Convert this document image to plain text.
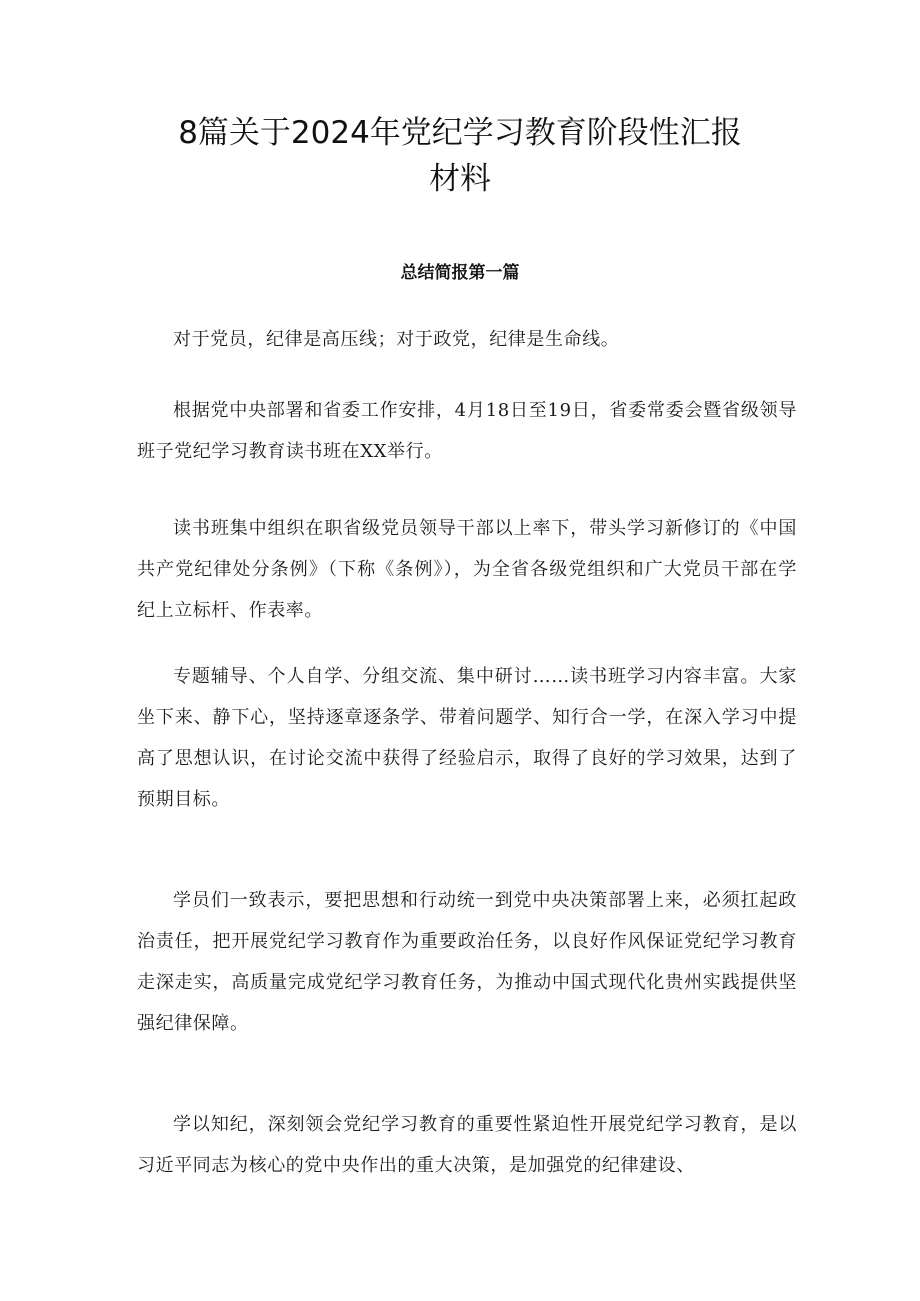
8篇关于2024年党纪学习教育阶段性汇报
材料
总结简报第一篇

对于党员，纪律是高压线；对于政党，纪律是生命线。

根据党中央部署和省委工作安排，4月18日至19日，省委常委会暨省级领导班子党纪学习教育读书班在XX举行。

读书班集中组织在职省级党员领导干部以上率下，带头学习新修订的《中国共产党纪律处分条例》（下称《条例》），为全省各级党组织和广大党员干部在学纪上立标杆、作表率。

专题辅导、个人自学、分组交流、集中研讨……读书班学习内容丰富。大家坐下来、静下心，坚持逐章逐条学、带着问题学、知行合一学，在深入学习中提高了思想认识，在讨论交流中获得了经验启示，取得了良好的学习效果，达到了预期目标。

学员们一致表示，要把思想和行动统一到党中央决策部署上来，必须扛起政治责任，把开展党纪学习教育作为重要政治任务，以良好作风保证党纪学习教育走深走实，高质量完成党纪学习教育任务，为推动中国式现代化贵州实践提供坚强纪律保障。

学以知纪，深刻领会党纪学习教育的重要性紧迫性开展党纪学习教育，是以习近平同志为核心的党中央作出的重大决策，是加强党的纪律建设、
